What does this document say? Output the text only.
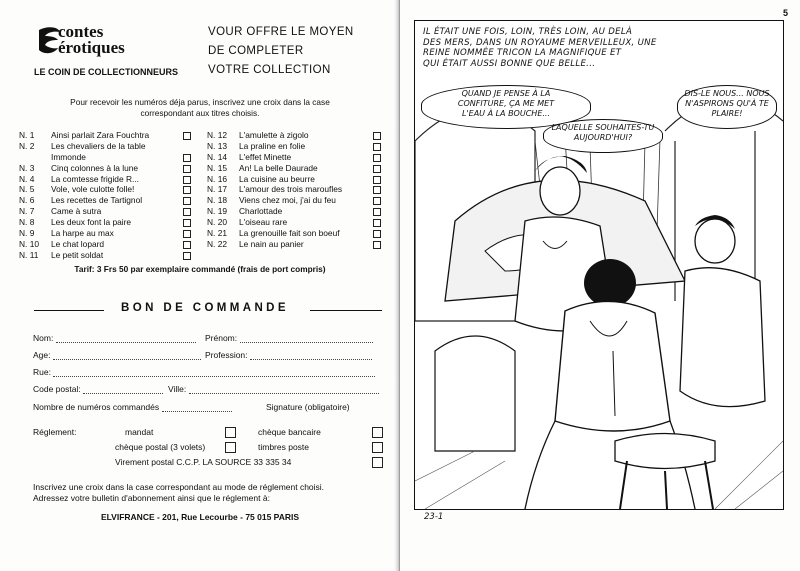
contes
érotiques
VOUR OFFRE LE MOYEN
DE COMPLETER
VOTRE COLLECTION
LE COIN DE COLLECTIONNEURS
Pour recevoir les numéros déja parus, inscrivez une croix dans la case
correspondant aux titres choisis.
N. 1 Ainsi parlait Zara Fouchtra
N. 2 Les chevaliers de la table
Immonde
N. 3 Cinq colonnes à la lune
N. 4 La comtesse frigide R...
N. 5 Vole, vole culotte folle!
N. 6 Les recettes de Tartignol
N. 7 Came à sutra
N. 8 Les deux font la paire
N. 9 La harpe au max
N. 10 Le chat lopard
N. 11 Le petit soldat
N. 12 L'amulette à zigolo
N. 13 La praline en folie
N. 14 L'effet Minette
N. 15 An! La belle Daurade
N. 16 La cuisine au beurre
N. 17 L'amour des trois maroufles
N. 18 Viens chez moi, j'ai du feu
N. 19 Charlottade
N. 20 L'oiseau rare
N. 21 La grenouille fait son boeuf
N. 22 Le nain au panier
Tarif: 3 Frs 50 par exemplaire commandé (frais de port compris)
BON DE COMMANDE
Nom:	Prénom:
Age:	Profession:
Rue:
Code postal:	Ville:
Nombre de numéros commandés	Signature (obligatoire)
Réglement:	mandat	chèque bancaire
chèque postal (3 volets)	timbres poste
Virement postal C.C.P. LA SOURCE 33 335 34
Inscrivez une croix dans la case correspondant au mode de réglement choisi.
Adressez votre bulletin d'abonnement ainsi que le réglement à:
ELVIFRANCE - 201, Rue Lecourbe - 75 015 PARIS
5
IL ÉTAIT UNE FOIS, LOIN, TRÈS LOIN, AU DELÀ
DES MERS, DANS UN ROYAUME MERVEILLEUX, UNE
REINE NOMMÉE TRICON LA MAGNIFIQUE ET
QUI ÉTAIT AUSSI BONNE QUE BELLE...
QUAND JE PENSE À LA
CONFITURE, ÇA ME MET
L'EAU À LA BOUCHE...
DIS-LE NOUS... NOUS
N'ASPIRONS QU'À TE
PLAIRE!
LAQUELLE SOUHAITES-TU
AUJOURD'HUI?
23-1
